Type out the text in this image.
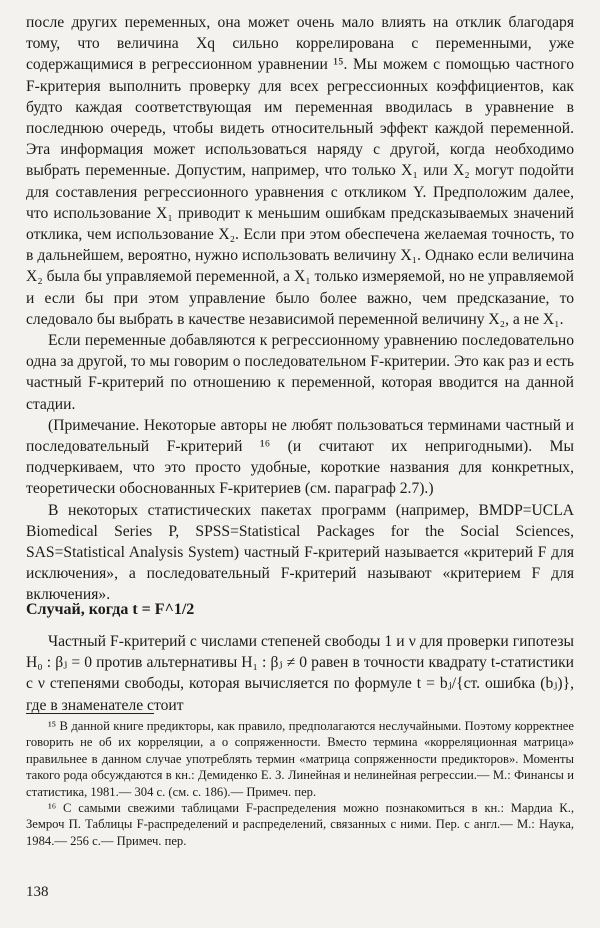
после других переменных, она может очень мало влиять на отклик благодаря тому, что величина Xq сильно коррелирована с переменными, уже содержащимися в регрессионном уравнении ¹⁵. Мы можем с помощью частного F-критерия выполнить проверку для всех регрессионных коэффициентов, как будто каждая соответствующая им переменная вводилась в уравнение в последнюю очередь, чтобы видеть относительный эффект каждой переменной. Эта информация может использоваться наряду с другой, когда необходимо выбрать переменные. Допустим, например, что только X₁ или X₂ могут подойти для составления регрессионного уравнения с откликом Y. Предположим далее, что использование X₁ приводит к меньшим ошибкам предсказываемых значений отклика, чем использование X₂. Если при этом обеспечена желаемая точность, то в дальнейшем, вероятно, нужно использовать величину X₁. Однако если величина X₂ была бы управляемой переменной, а X₁ только измеряемой, но не управляемой и если бы при этом управление было более важно, чем предсказание, то следовало бы выбрать в качестве независимой переменной величину X₂, а не X₁.

Если переменные добавляются к регрессионному уравнению последовательно одна за другой, то мы говорим о последовательном F-критерии. Это как раз и есть частный F-критерий по отношению к переменной, которая вводится на данной стадии.

(Примечание. Некоторые авторы не любят пользоваться терминами частный и последовательный F-критерий ¹⁶ (и считают их непригодными). Мы подчеркиваем, что это просто удобные, короткие названия для конкретных, теоретически обоснованных F-критериев (см. параграф 2.7).)

В некоторых статистических пакетах программ (например, BMDP=UCLA Biomedical Series P, SPSS=Statistical Packages for the Social Sciences, SAS=Statistical Analysis System) частный F-критерий называется «критерий F для исключения», а последовательный F-критерий называют «критерием F для включения».

Случай, когда t = F^1/2

Частный F-критерий с числами степеней свободы 1 и ν для проверки гипотезы H₀ : βⱼ = 0 против альтернативы H₁ : βⱼ ≠ 0 равен в точности квадрату t-статистики с ν степенями свободы, которая вычисляется по формуле t = bⱼ/{ст. ошибка (bⱼ)}, где в знаменателе стоит

¹⁵ В данной книге предикторы, как правило, предполагаются неслучайными. Поэтому корректнее говорить не об их корреляции, а о сопряженности. Вместо термина «корреляционная матрица» правильнее в данном случае употреблять термин «матрица сопряженности предикторов». Моменты такого рода обсуждаются в кн.: Демиденко Е. З. Линейная и нелинейная регрессии.— М.: Финансы и статистика, 1981.— 304 с. (см. с. 186).— Примеч. пер.

¹⁶ С самыми свежими таблицами F-распределения можно познакомиться в кн.: Мардиа К., Земроч П. Таблицы F-распределений и распределений, связанных с ними. Пер. с англ.— М.: Наука, 1984.— 256 с.— Примеч. пер.

138
